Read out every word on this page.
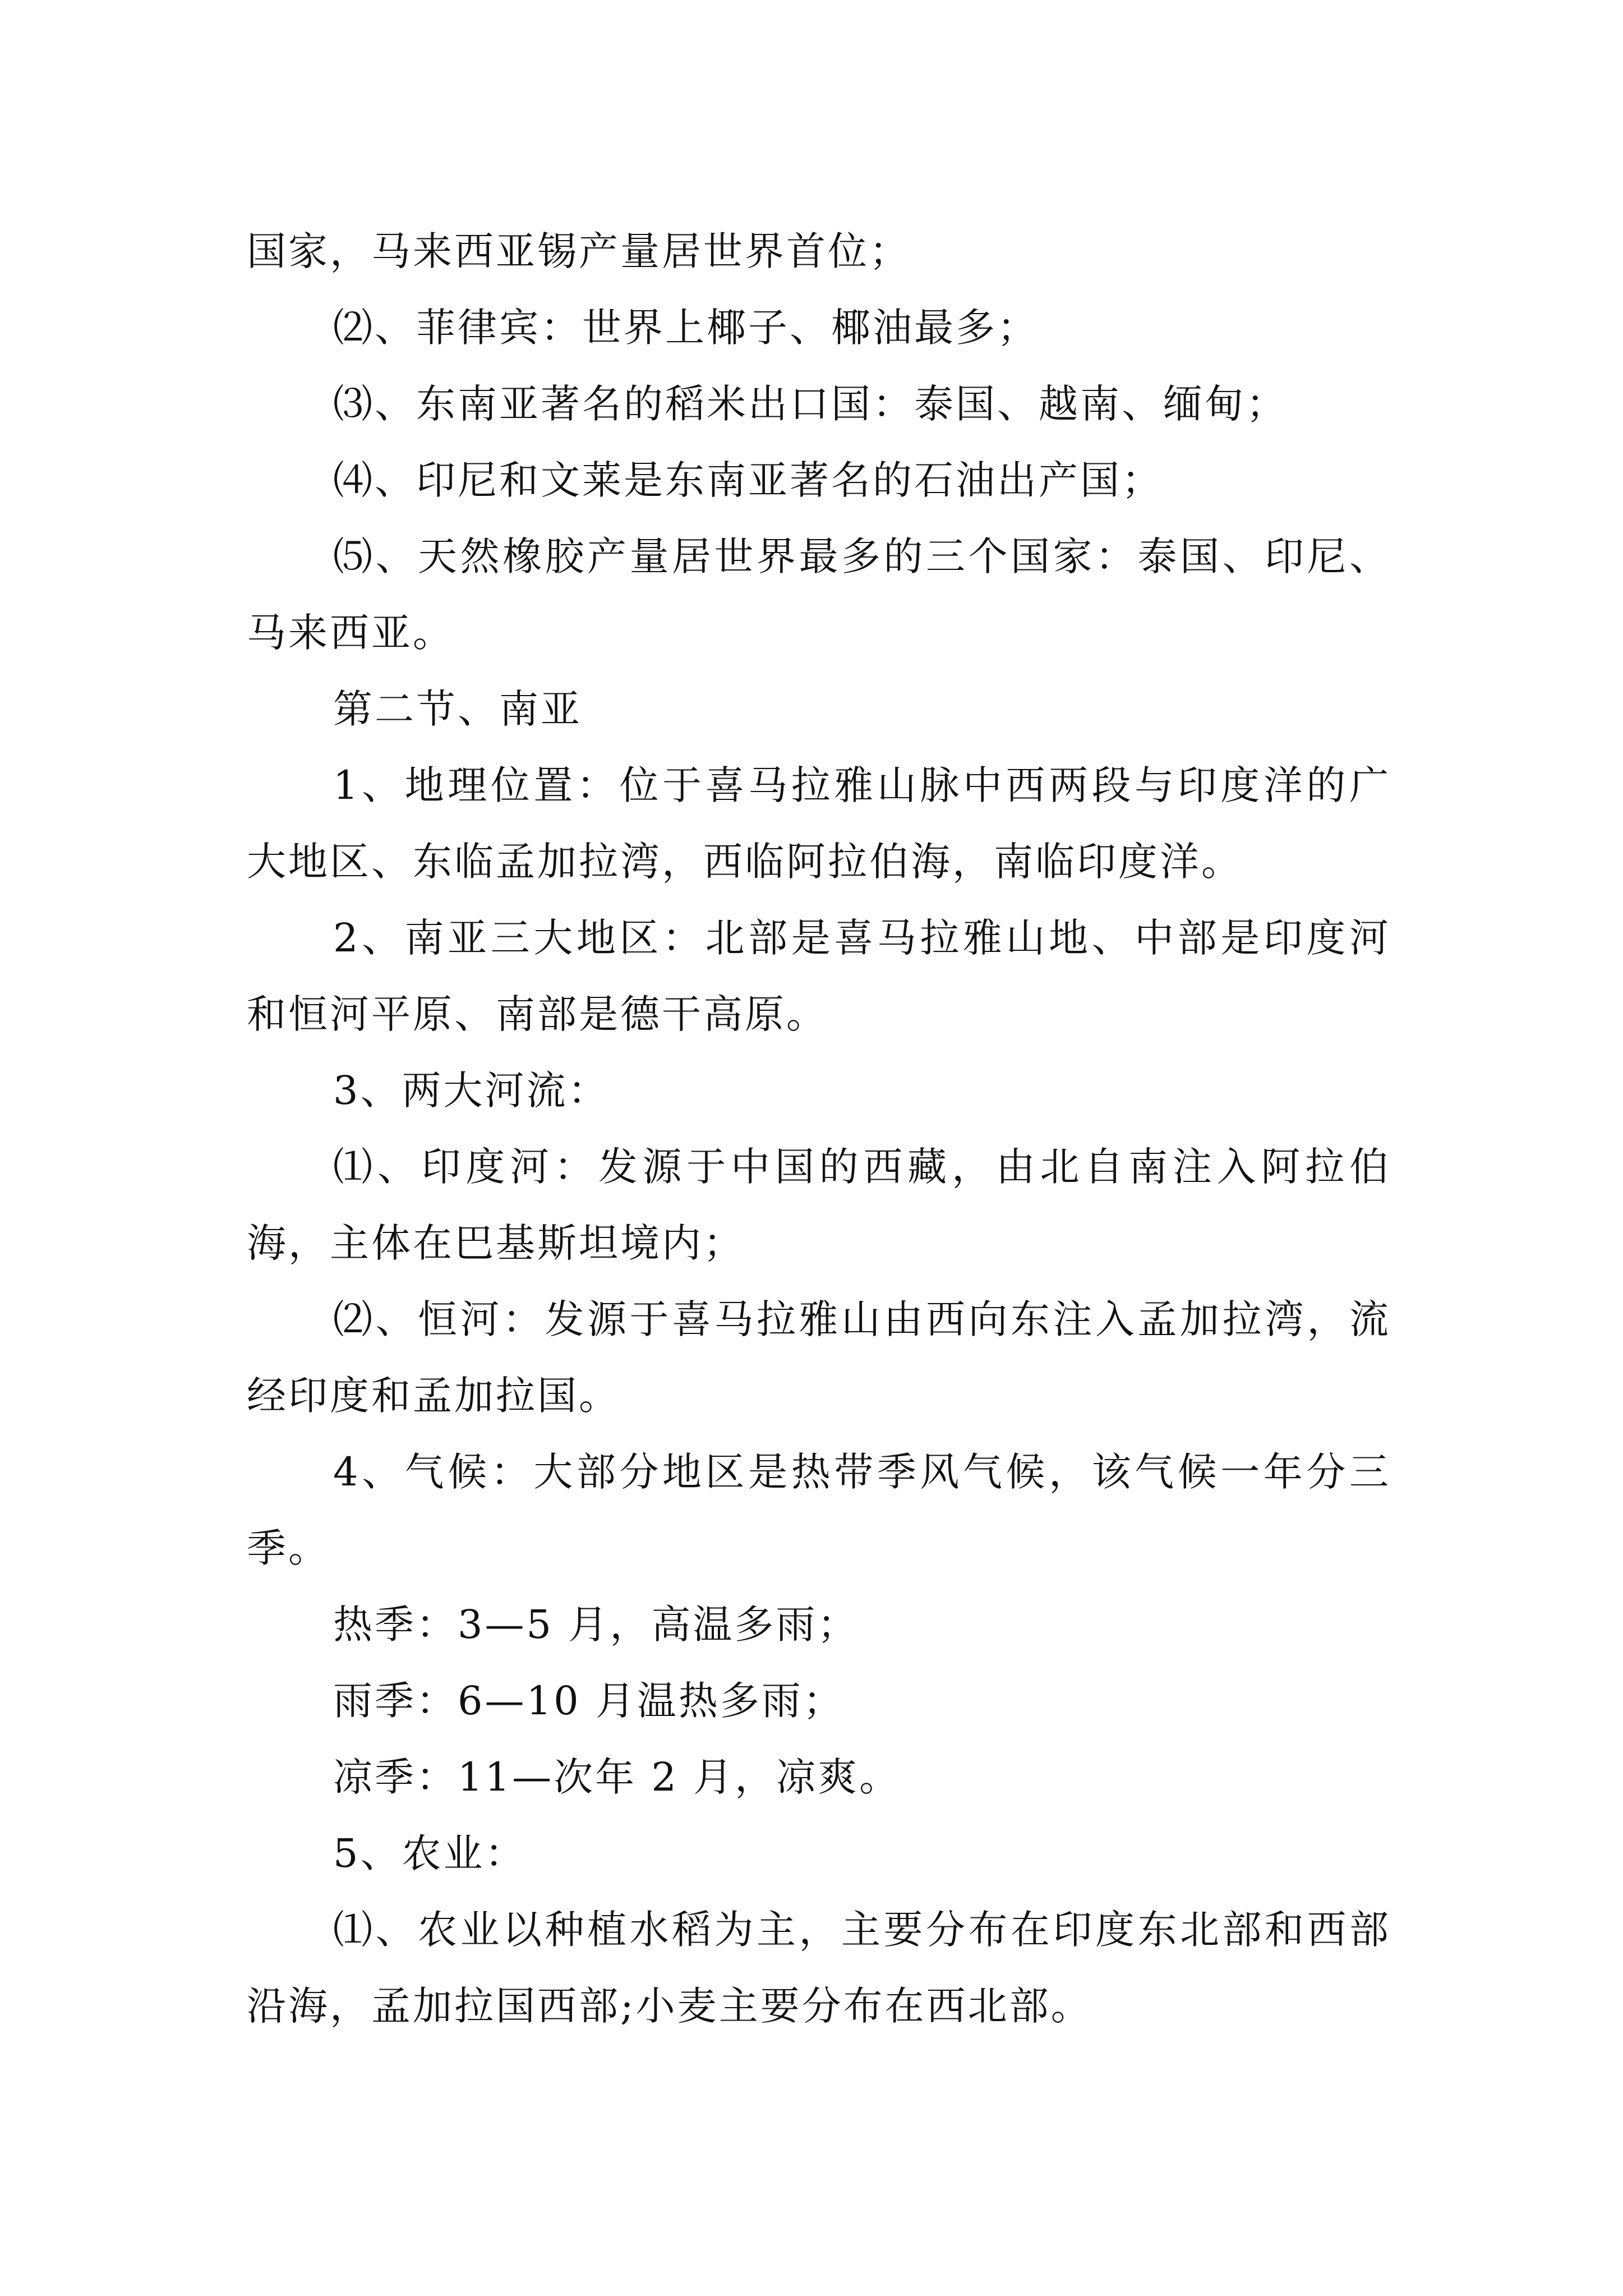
国家，马来西亚锡产量居世界首位；

⑵、菲律宾：世界上椰子、椰油最多；

⑶、东南亚著名的稻米出口国：泰国、越南、缅甸；

⑷、印尼和文莱是东南亚著名的石油出产国；

⑸、天然橡胶产量居世界最多的三个国家：泰国、印尼、马来西亚。

第二节、南亚

1、地理位置：位于喜马拉雅山脉中西两段与印度洋的广大地区、东临孟加拉湾，西临阿拉伯海，南临印度洋。

2、南亚三大地区：北部是喜马拉雅山地、中部是印度河和恒河平原、南部是德干高原。

3、两大河流：

⑴、印度河：发源于中国的西藏，由北自南注入阿拉伯海，主体在巴基斯坦境内；

⑵、恒河：发源于喜马拉雅山由西向东注入孟加拉湾，流经印度和孟加拉国。

4、气候：大部分地区是热带季风气候，该气候一年分三季。

热季：3—5 月，高温多雨；

雨季：6—10 月温热多雨；

凉季：11—次年 2 月，凉爽。

5、农业：

⑴、农业以种植水稻为主，主要分布在印度东北部和西部沿海，孟加拉国西部;小麦主要分布在西北部。
